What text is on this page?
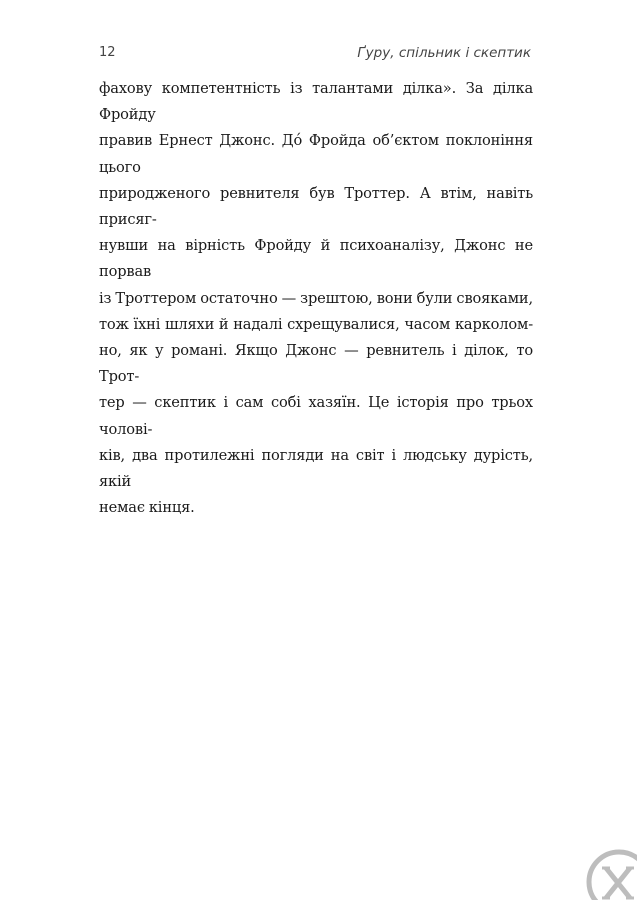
12	Ґуру, спільник і скептик
фахову компетентність із талантами ділка». За ділка Фройду
правив Ернест Джонс. Дó Фройда об’єктом поклоніння цього
природженого ревнителя був Троттер. А втім, навіть присяг-
нувши на вірність Фройду й психоаналізу, Джонс не порвав
із Троттером остаточно — зрештою, вони були свояками,
тож їхні шляхи й надалі схрещувалися, часом карколом-
но, як у романі. Якщо Джонс — ревнитель і ділок, то Трот-
тер — скептик і сам собі хазяїн. Це історія про трьох чолові-
ків, два протилежні погляди на світ і людську дурість, якій
немає кінця.
